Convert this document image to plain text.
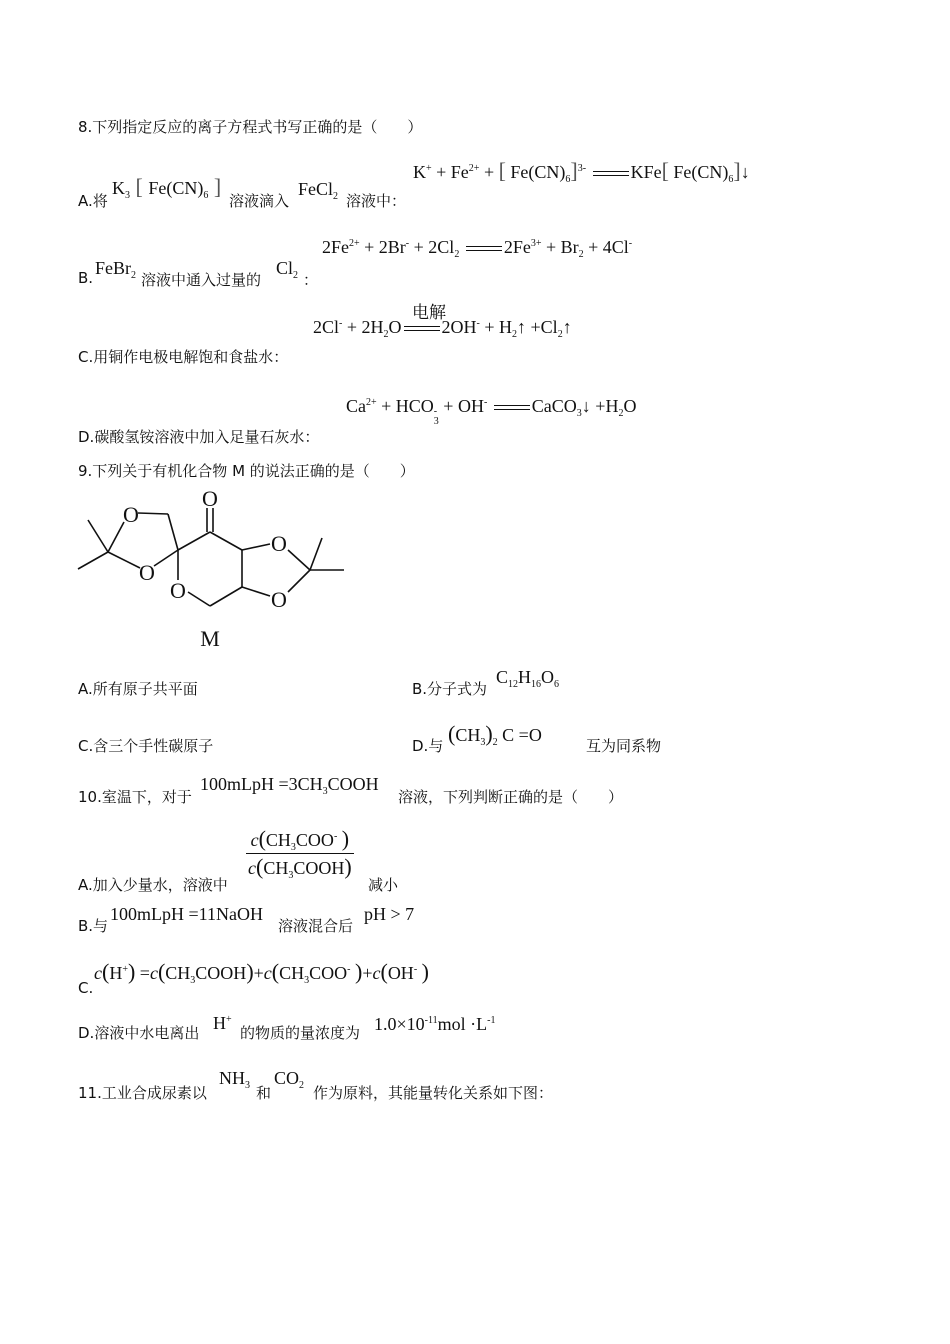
8.下列指定反应的离子方程式书写正确的是（　　）
A.将
$K_3$ [ $Fe(CN)_6$ ]
溶液滴入
FeCl$_2$ 溶液中：
$K^+ + Fe^{2+}$ + [ $Fe(CN)_6]^{3-}$ KFe[ $Fe(CN)_6]↓$
B. FeBr$_2$ 溶液中通入过量的
$Cl_2$ ：
$2Fe^{2+} + 2Br^- + 2Cl_2$ $2Fe^{3+} + Br_2 + 4Cl^-$
C.用铜作电极电解饱和食盐水：
电解
$2Cl^- + 2H_2O$ $2OH^- + H_2↑$ $+Cl_2↑$
D.碳酸氢铵溶液中加入足量石灰水：
$Ca^{2+}$ + HCO -
3
+ OH- CaCO$_3$↓ $+H_2O$
9.下列关于有机化合物 M 的说法正确的是（　　）
O
O
O
O
O
O
M
A.所有原子共平面	B.分子式为
$C_{12}H_{16}O_6$
C.含三个手性碳原子	D.与 $(CH_3)_2$ C =O
互为同系物
10.室温下，对于
100mLpH $=3CH_3COOH$
溶液，下列判断正确的是（　　）
A.加入少量水，溶液中
$\frac{c(CH_3COO^- )}{c(CH_3COOH)}$
减小
B.与
100mLpH =11NaOH
溶液混合后
pH > 7
C.
$c(H^+) =c(CH_3COOH)+c(CH_3COO^-$ )+c(OH- )
D.溶液中水电离出 H+
的物质的量浓度为 $1.0\times 10^{-11}mol \cdot L^{-1}$
11.工业合成尿素以
$NH_3$ 和
$CO_2$ 作为原料，其能量转化关系如下图：
